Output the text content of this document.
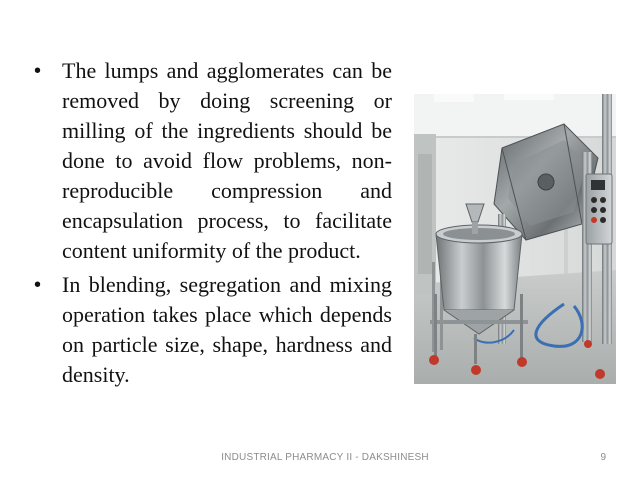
• The lumps and agglomerates can be removed by doing screening or milling of the ingredients should be done to avoid flow problems, non-reproducible compression and encapsulation process, to facilitate content uniformity of the product.
• In blending, segregation and mixing operation takes place which depends on particle size, shape, hardness and density.
INDUSTRIAL PHARMACY II - DAKSHINESH	9
